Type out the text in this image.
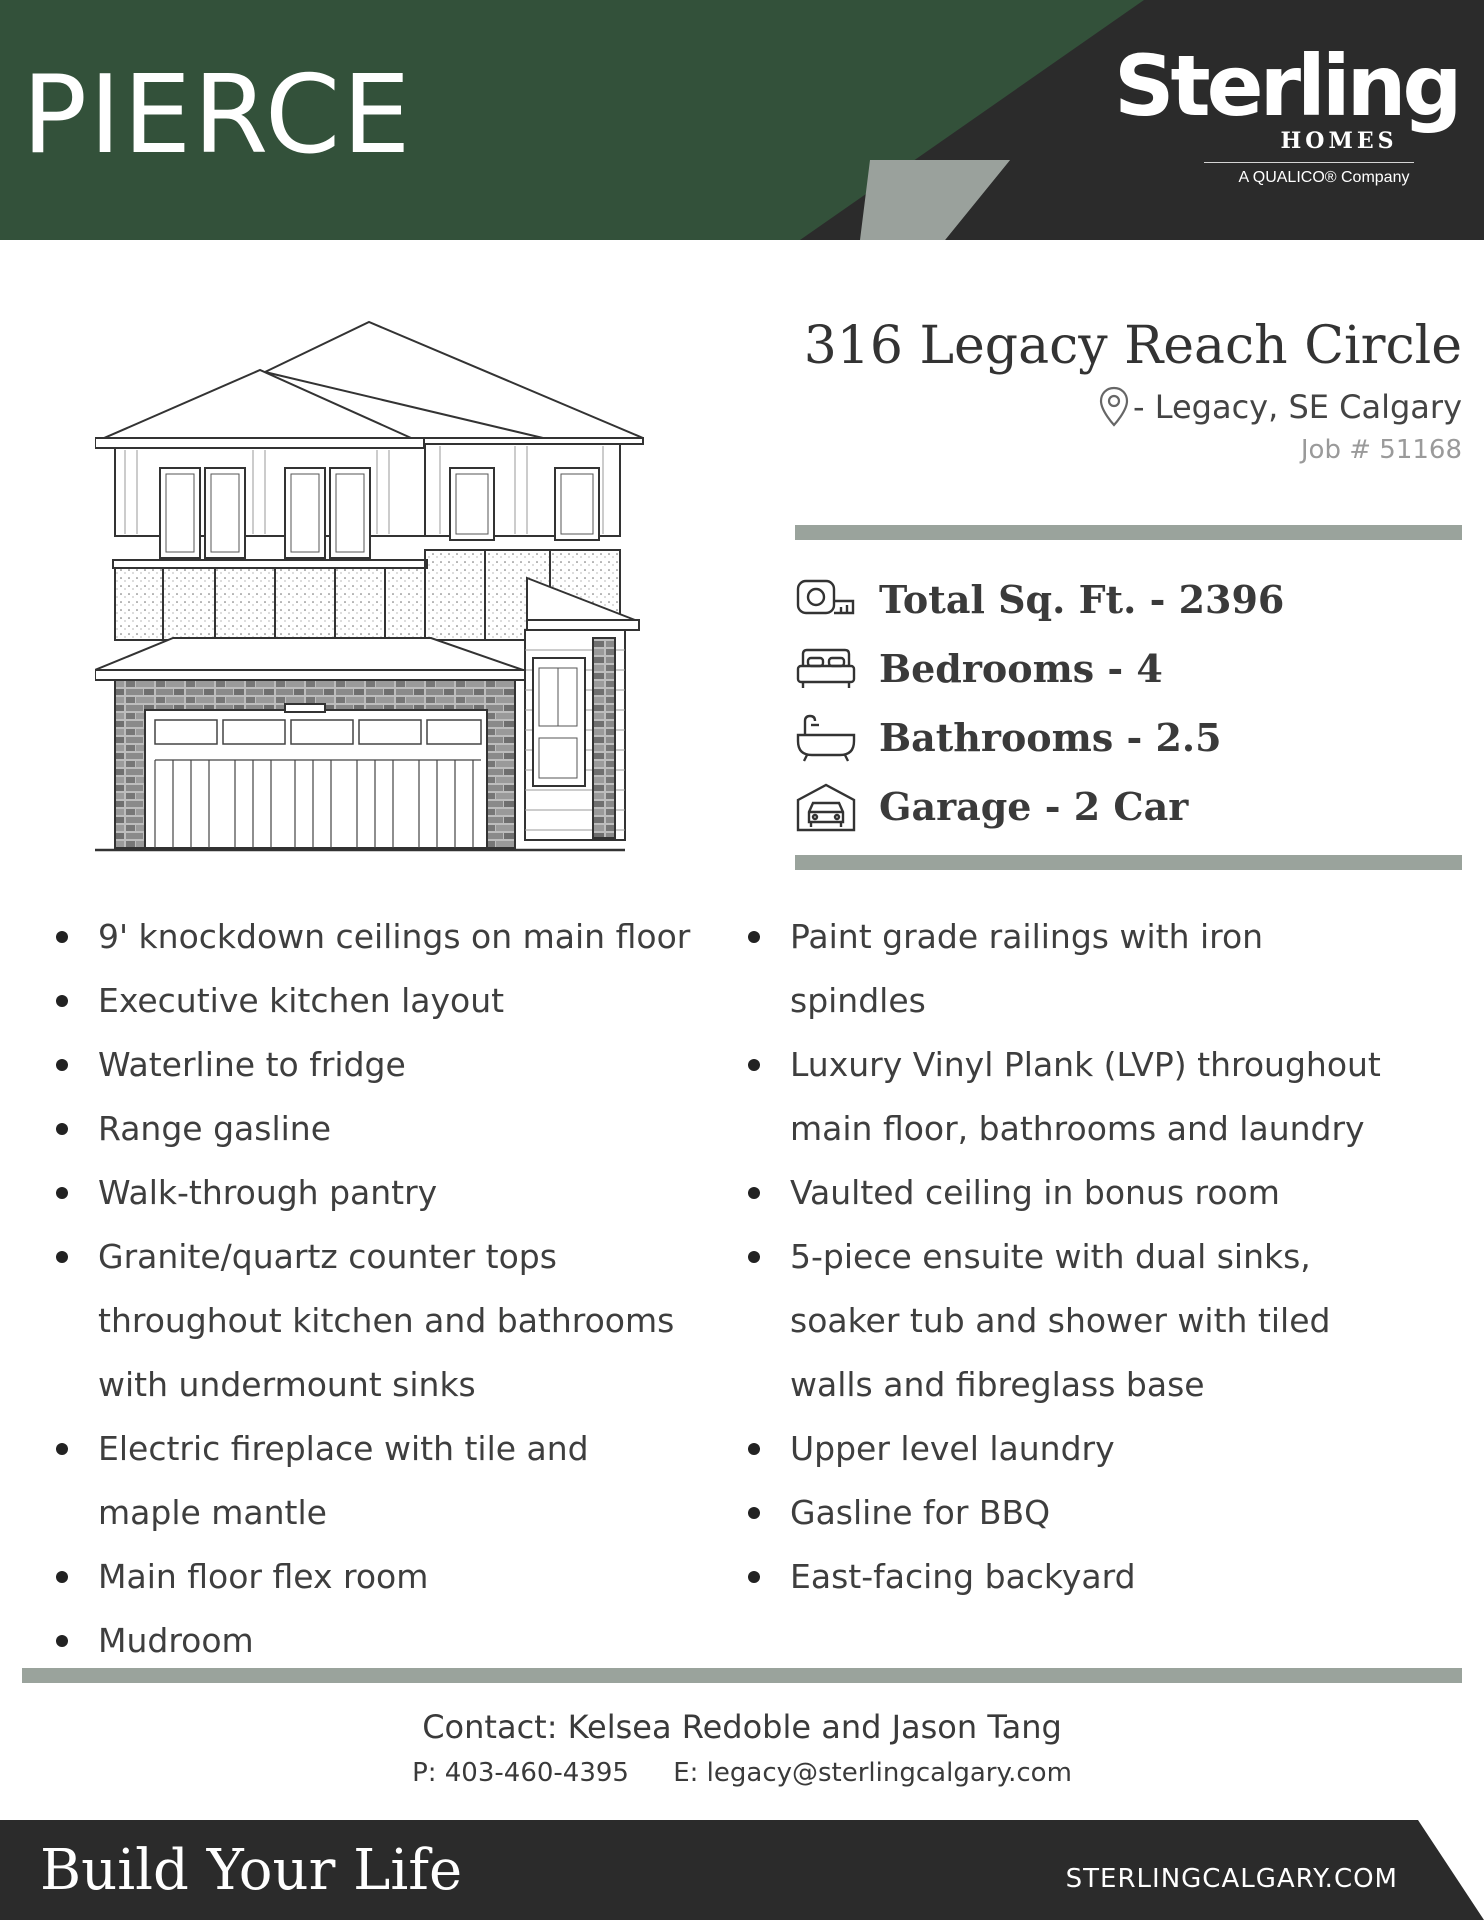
PIERCE	Sterling
HOMES
A QUALICO® Company
316 Legacy Reach Circle
- Legacy, SE Calgary
Job # 51168
Total Sq. Ft. - 2396
Bedrooms - 4
Bathrooms - 2.5
Garage - 2 Car
9' knockdown ceilings on main floor
Executive kitchen layout
Waterline to fridge
Range gasline
Walk-through pantry
Granite/quartz counter tops throughout kitchen and bathrooms with undermount sinks
Electric fireplace with tile and maple mantle
Main floor flex room
Mudroom
Paint grade railings with iron spindles
Luxury Vinyl Plank (LVP) throughout main floor, bathrooms and laundry
Vaulted ceiling in bonus room
5-piece ensuite with dual sinks, soaker tub and shower with tiled walls and fibreglass base
Upper level laundry
Gasline for BBQ
East-facing backyard
Contact: Kelsea Redoble and Jason Tang
P: 403-460-4395 E: legacy@sterlingcalgary.com
Build Your Life	STERLINGCALGARY.COM
